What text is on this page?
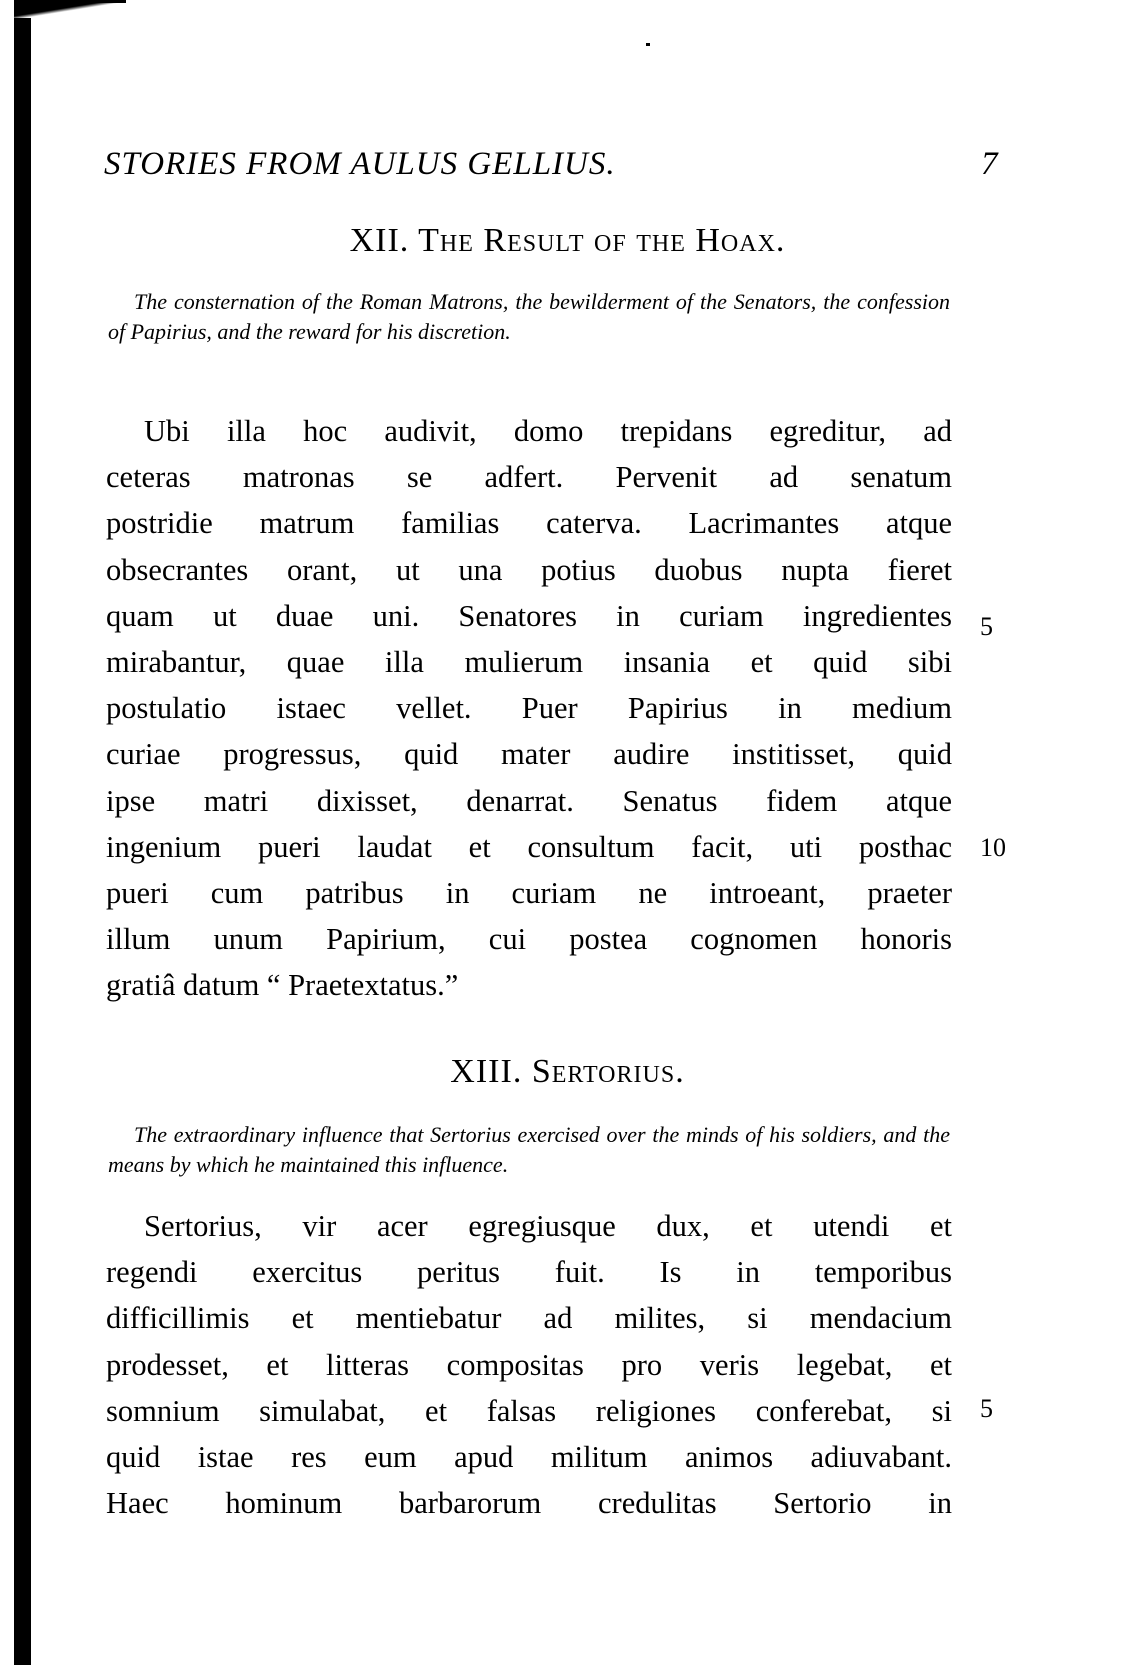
STORIES FROM AULUS GELLIUS.	7
XII. The Result of the Hoax.
The consternation of the Roman Matrons, the bewilderment of the Senators, the confession of Papirius, and the reward for his discretion.
Ubi illa hoc audivit, domo trepidans egreditur, ad
ceteras matronas se adfert. Pervenit ad senatum
postridie matrum familias caterva. Lacrimantes atque
obsecrantes orant, ut una potius duobus nupta fieret
quam ut duae uni. Senatores in curiam ingredientes
mirabantur, quae illa mulierum insania et quid sibi
postulatio istaec vellet. Puer Papirius in medium
curiae progressus, quid mater audire institisset, quid
ipse matri dixisset, denarrat. Senatus fidem atque
ingenium pueri laudat et consultum facit, uti posthac
pueri cum patribus in curiam ne introeant, praeter
illum unum Papirium, cui postea cognomen honoris
gratiâ datum “ Praetextatus.”
5
10
XIII. Sertorius.
The extraordinary influence that Sertorius exercised over the minds of his soldiers, and the means by which he maintained this influence.
Sertorius, vir acer egregiusque dux, et utendi et
regendi exercitus peritus fuit. Is in temporibus
difficillimis et mentiebatur ad milites, si mendacium
prodesset, et litteras compositas pro veris legebat, et
somnium simulabat, et falsas religiones conferebat, si
quid istae res eum apud militum animos adiuvabant.
Haec hominum barbarorum credulitas Sertorio in
5
